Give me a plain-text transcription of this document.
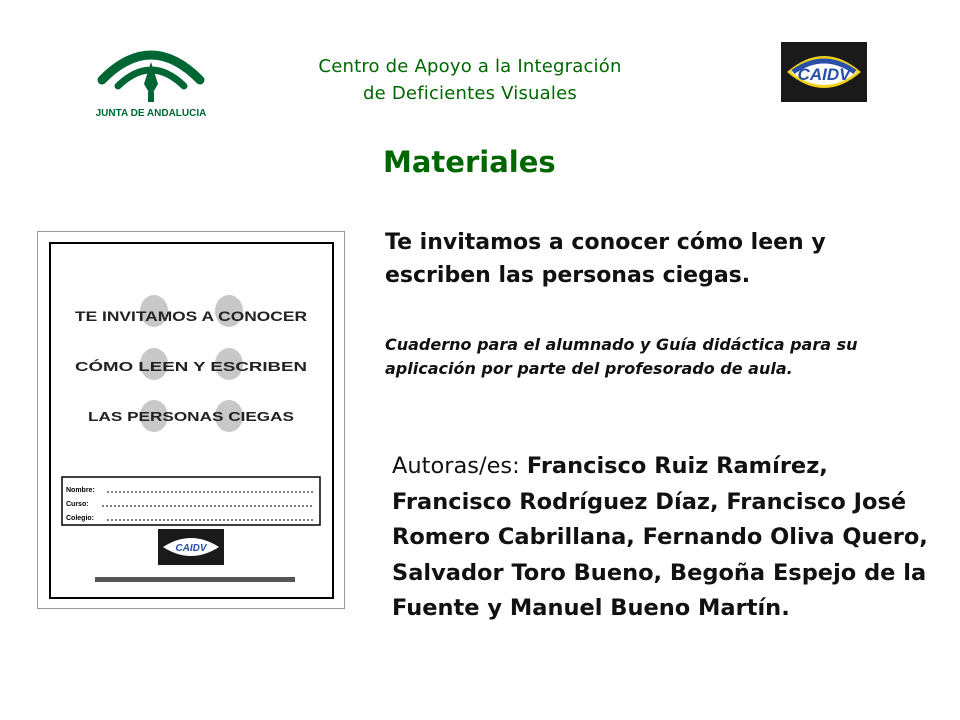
JUNTA DE ANDALUCIA
Centro de Apoyo a la Integración
de Deficientes Visuales
CAIDV
Materiales

Te invitamos a conocer cómo leen y escriben las personas ciegas.

Cuaderno para el alumnado y Guía didáctica para su aplicación por parte del profesorado de aula.

Autoras/es: Francisco Ruiz Ramírez, Francisco Rodríguez Díaz, Francisco José Romero Cabrillana, Fernando Oliva Quero, Salvador Toro Bueno, Begoña Espejo de la Fuente y Manuel Bueno Martín.

TE INVITAMOS A CONOCER
CÓMO LEEN Y ESCRIBEN
LAS PERSONAS CIEGAS
Nombre:
Curso:
Colegio:
CAIDV
